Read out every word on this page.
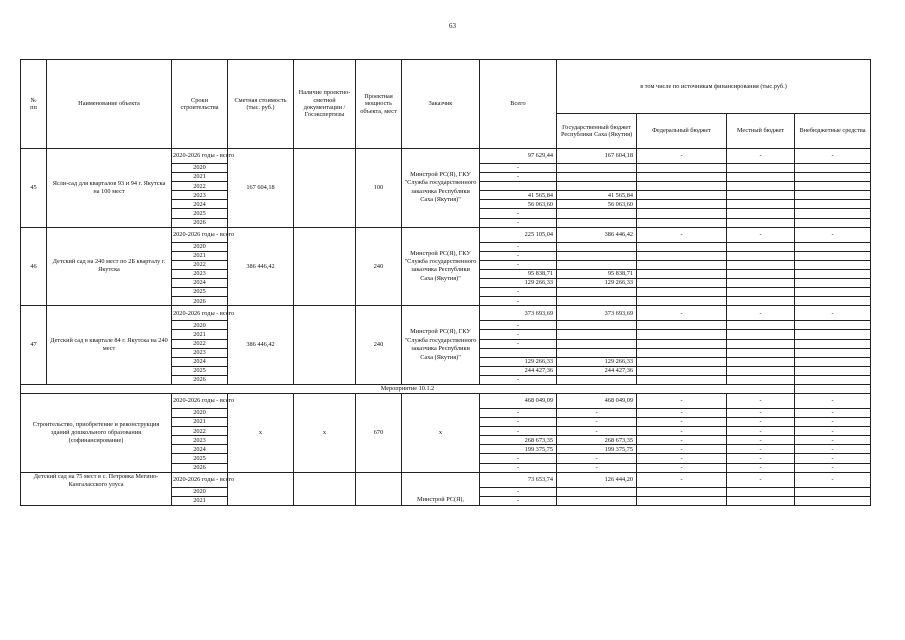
63
№
пп	Наименование объекта	Сроки строительства	Сметная стоимость (тыс. руб.)	Наличие проектно-сметной документации /Госэкспертизы	Проектная мощность объекта, мест	Заказчик	Всего	в том числе по источникам финансирования (тыс.руб.)			
								Государственный бюджет Республики Саха (Якутия)	Федеральный бюджет	Местный бюджет	Внебюджетные средства
45	Ясли-сад для кварталов 93 и 94 г. Якутска на 100 мест	2020-2026 годы - всего	167 604,18		100	Минстрой РС(Я), ГКУ "Служба государственного заказчика Республики Саха (Якутия)"	97 629,44	167 604,18	-	-	-
		2020					-				
		2021					-				
		2022									
		2023					41 565,84	41 565,84			
		2024					56 063,60	56 063,60			
		2025					-				
		2026					-				
46	Детский сад на 240 мест по 2Б кварталу г. Якутска	2020-2026 годы - всего	386 446,42		240	Минстрой РС(Я), ГКУ "Служба государственного заказчика Республики Саха (Якутия)"	225 105,04	386 446,42	-	-	-
		2020					-				
		2021					-				
		2022					-				
		2023					95 838,71	95 838,71			
		2024					129 266,33	129 266,33			
		2025					-				
		2026					-				
47	Детский сад в квартале 84 г. Якутска на 240 мест	2020-2026 годы - всего	386 446,42		240	Минстрой РС(Я), ГКУ "Служба государственного заказчика Республики Саха (Якутия)"	373 693,69	373 693,69	-	-	-
		2020					-				
		2021					-				
		2022					-				
		2023									
		2024					129 266,33	129 266,33			
		2025					244 427,36	244 427,36			
		2026					-				
Мероприятие 10.1.2											
Строительство, приобретение и реконструкция зданий дошкольного образования (софинансирование)		2020-2026 годы - всего	x	x	670	x	468 049,09	468 049,09	-	-	-
		2020					-	-	-	-	-
		2021					-	-	-	-	-
		2022					-	-	-	-	-
		2023					268 673,35	268 673,35	-	-	-
		2024					199 375,75	199 375,75	-	-	-
		2025					-	-	-	-	-
		2026					-	-	-	-	-
Детский сад на 75 мест в с. Петровка Мегино-Кангаласского улуса		2020-2026 годы - всего				Минстрой РС(Я),	73 653,74	126 444,20	-	-	-
		2020					-				
		2021					-				
